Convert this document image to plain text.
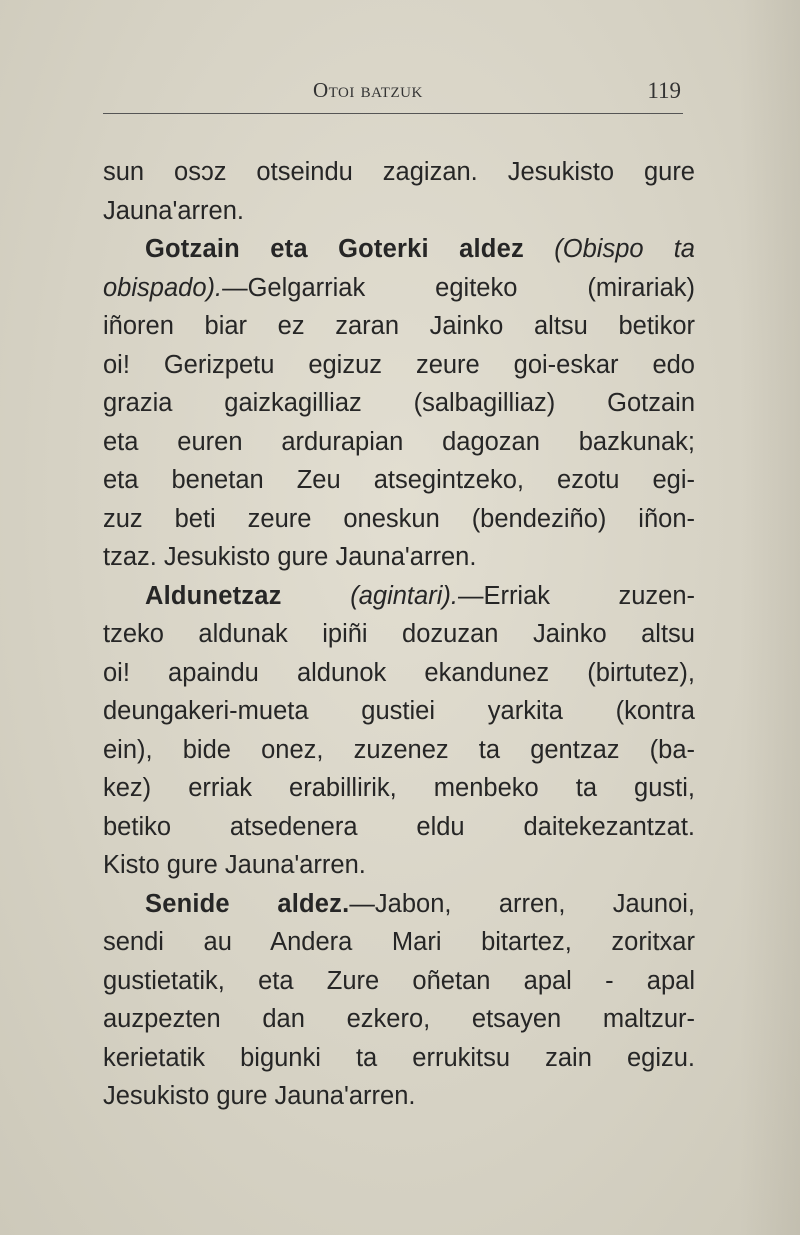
Otoi batzuk	119
sun osɔz otseindu zagizan. Jesukisto gure
Jauna'arren.
Gotzain eta Goterki aldez (Obispo ta
obispado).—Gelgarriak egiteko (mirariak)
iñoren biar ez zaran Jainko altsu betikor
oi! Gerizpetu egizuz zeure goi-eskar edo
grazia gaizkagilliaz (salbagilliaz) Gotzain
eta euren ardurapian dagozan bazkunak;
eta benetan Zeu atsegintzeko, ezotu egi-
zuz beti zeure oneskun (bendeziño) iñon-
tzaz. Jesukisto gure Jauna'arren.
Aldunetzaz (agintari).—Erriak zuzen-
tzeko aldunak ipiñi dozuzan Jainko altsu
oi! apaindu aldunok ekandunez (birtutez),
deungakeri-mueta gustiei yarkita (kontra
ein), bide onez, zuzenez ta gentzaz (ba-
kez) erriak erabillirik, menbeko ta gusti,
betiko atsedenera eldu daitekezantzat.
Kisto gure Jauna'arren.
Senide aldez.—Jabon, arren, Jaunoi,
sendi au Andera Mari bitartez, zoritxar
gustietatik, eta Zure oñetan apal - apal
auzpezten dan ezkero, etsayen maltzur-
kerietatik bigunki ta errukitsu zain egizu.
Jesukisto gure Jauna'arren.
